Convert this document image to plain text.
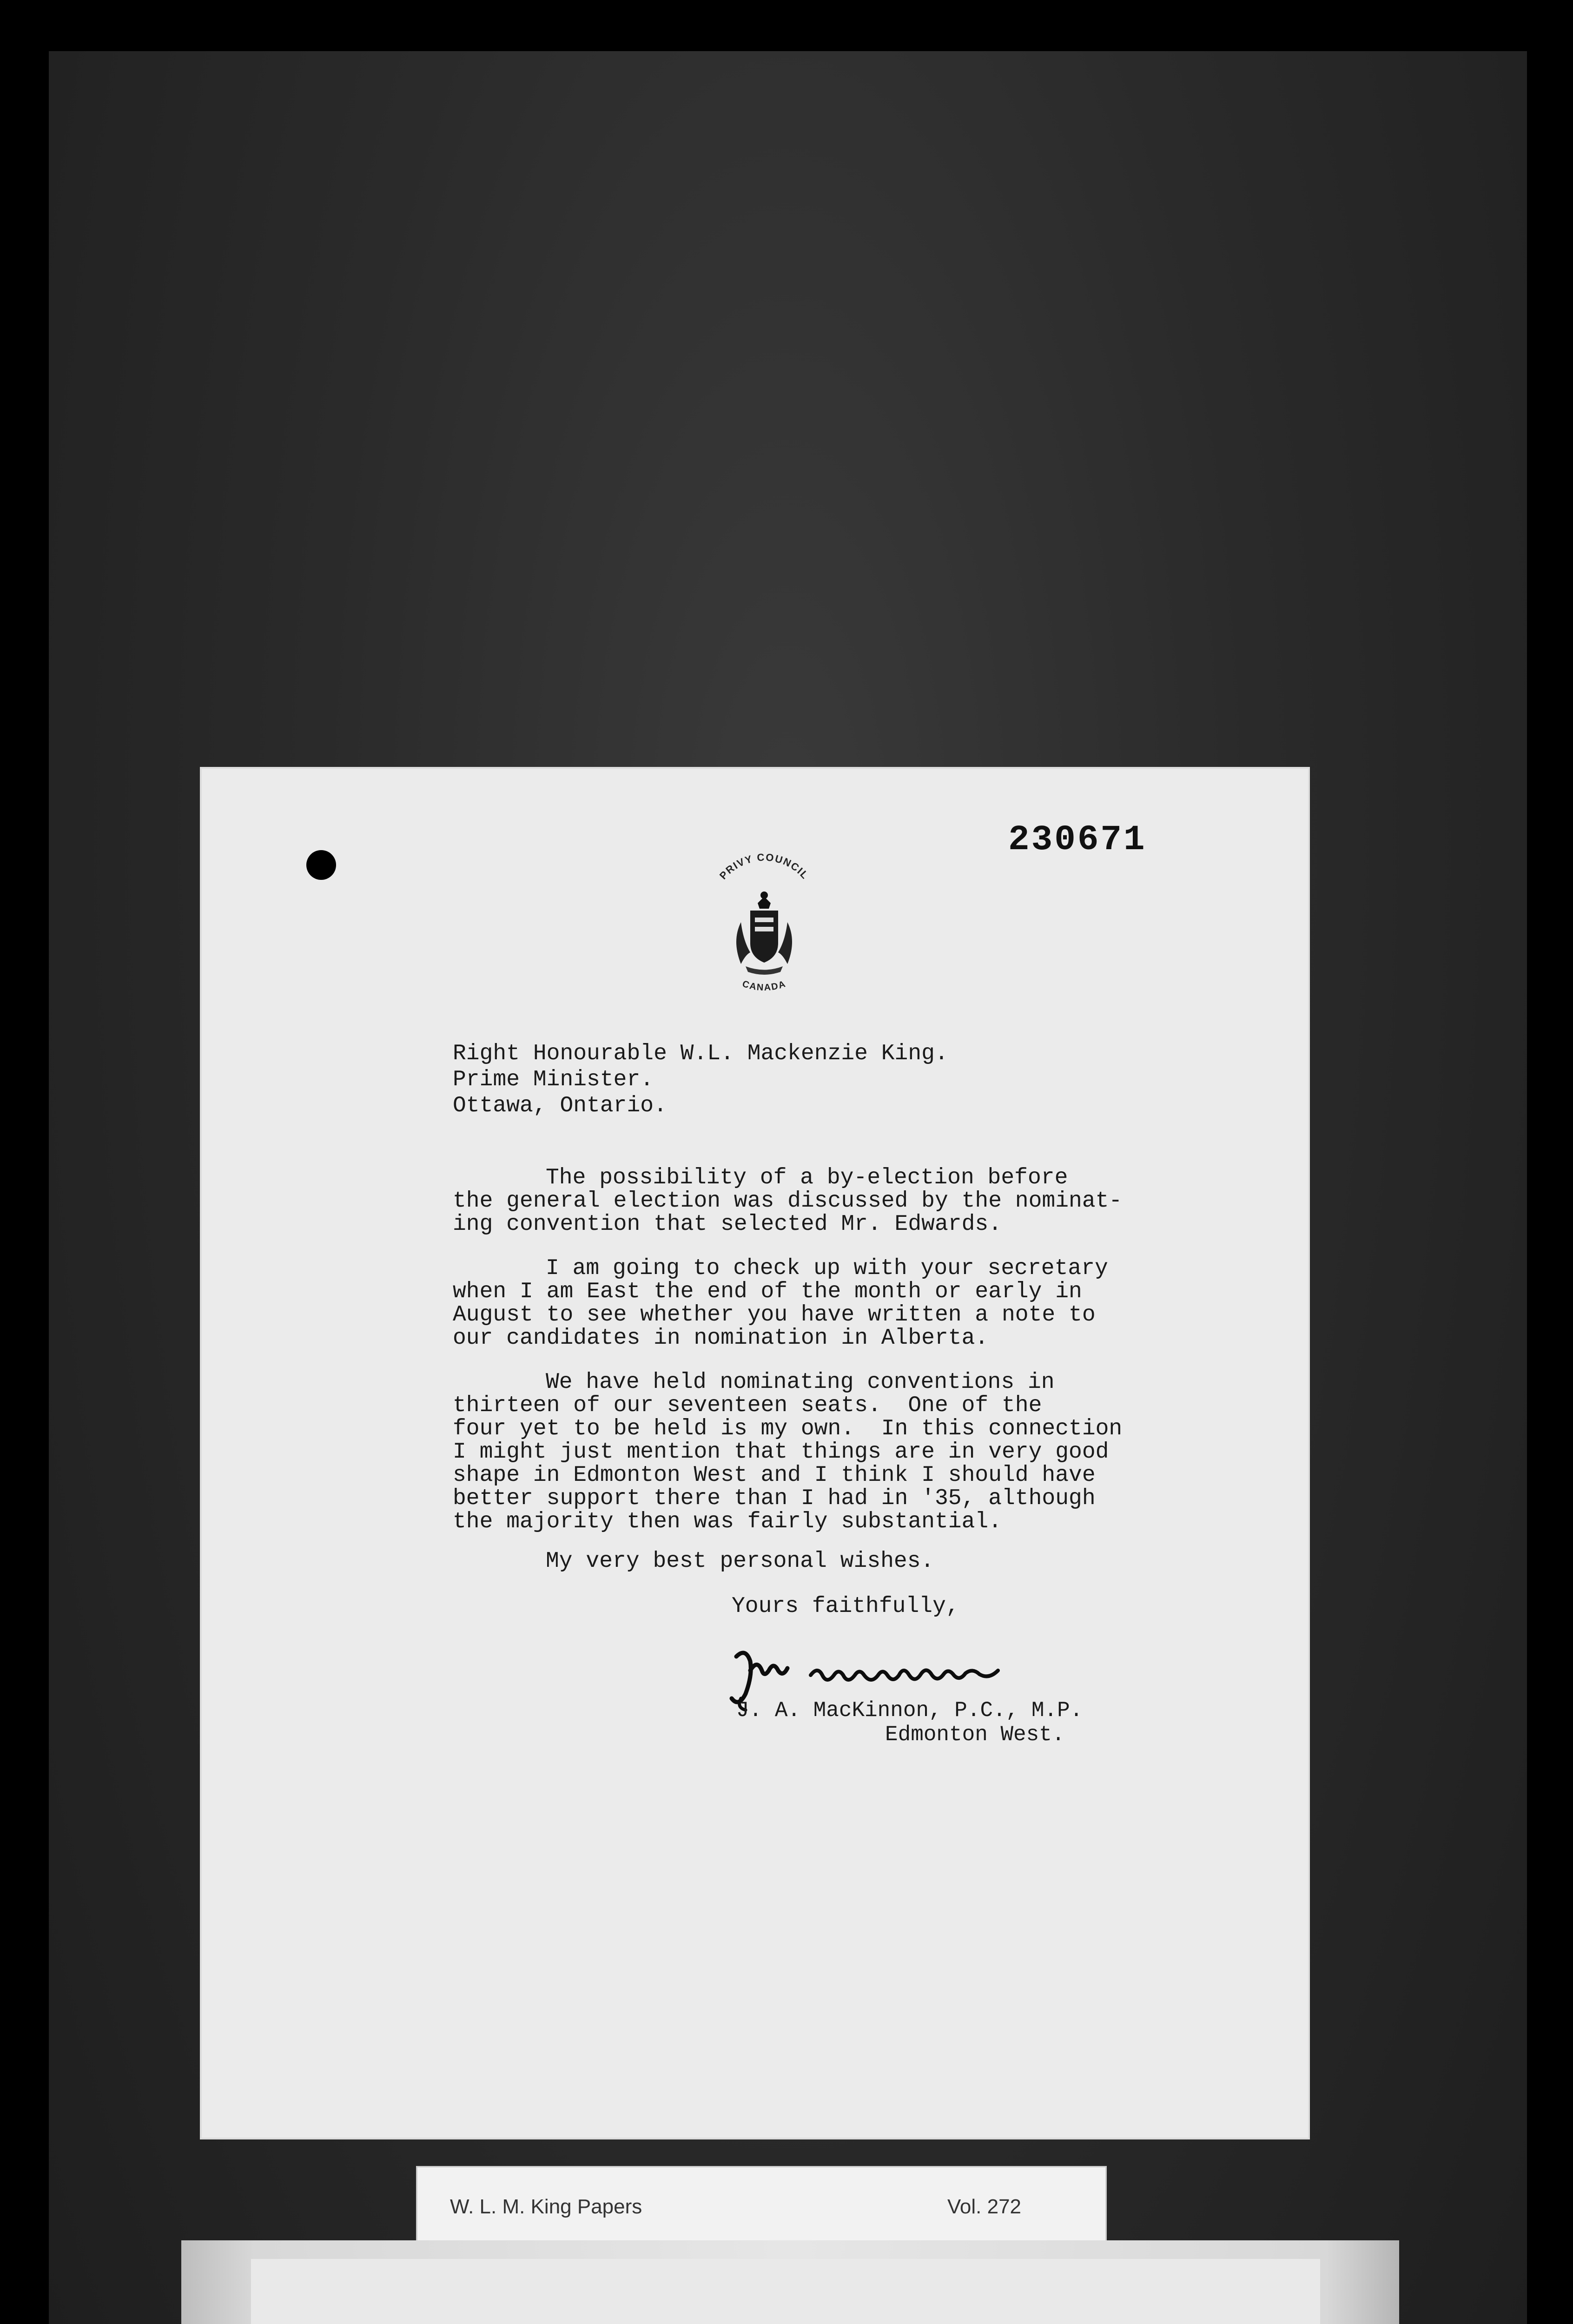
230671
PRIVY COUNCIL
CANADA
Right Honourable W.L. Mackenzie King.
Prime Minister.
Ottawa, Ontario.
The possibility of a by-election before
the general election was discussed by the nominat-
ing convention that selected Mr. Edwards.
I am going to check up with your secretary
when I am East the end of the month or early in
August to see whether you have written a note to
our candidates in nomination in Alberta.
We have held nominating conventions in
thirteen of our seventeen seats.  One of the
four yet to be held is my own.  In this connection
I might just mention that things are in very good
shape in Edmonton West and I think I should have
better support there than I had in '35, although
the majority then was fairly substantial.
My very best personal wishes.
Yours faithfully,
J. A. MacKinnon, P.C., M.P.
Edmonton West.
W. L. M. King Papers	Vol. 272
